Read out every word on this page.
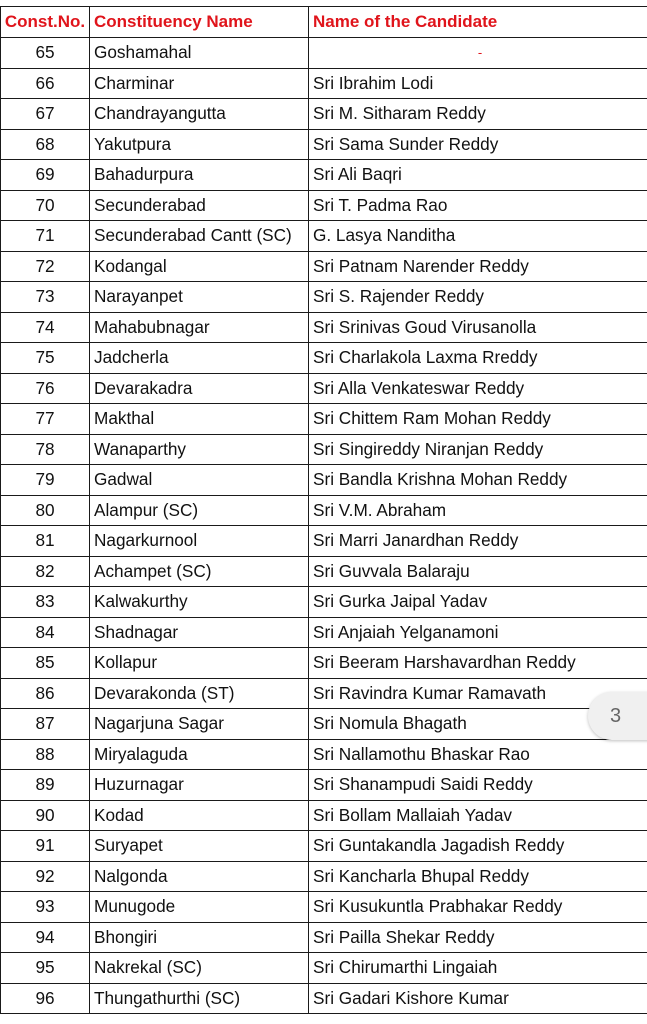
Const.No.	Constituency Name	Name of the Candidate
65	Goshamahal	-
66	Charminar	Sri Ibrahim Lodi
67	Chandrayangutta	Sri M. Sitharam Reddy
68	Yakutpura	Sri Sama Sunder Reddy
69	Bahadurpura	Sri Ali Baqri
70	Secunderabad	Sri T. Padma Rao
71	Secunderabad Cantt (SC)	G. Lasya Nanditha
72	Kodangal	Sri Patnam Narender Reddy
73	Narayanpet	Sri S. Rajender Reddy
74	Mahabubnagar	Sri Srinivas Goud Virusanolla
75	Jadcherla	Sri Charlakola Laxma Rreddy
76	Devarakadra	Sri Alla Venkateswar Reddy
77	Makthal	Sri Chittem Ram Mohan Reddy
78	Wanaparthy	Sri Singireddy Niranjan Reddy
79	Gadwal	Sri Bandla Krishna Mohan Reddy
80	Alampur (SC)	Sri V.M. Abraham
81	Nagarkurnool	Sri Marri Janardhan Reddy
82	Achampet (SC)	Sri Guvvala Balaraju
83	Kalwakurthy	Sri Gurka Jaipal Yadav
84	Shadnagar	Sri Anjaiah Yelganamoni
85	Kollapur	Sri Beeram Harshavardhan Reddy
86	Devarakonda (ST)	Sri Ravindra Kumar Ramavath
87	Nagarjuna Sagar	Sri Nomula Bhagath
88	Miryalaguda	Sri Nallamothu Bhaskar Rao
89	Huzurnagar	Sri Shanampudi Saidi Reddy
90	Kodad	Sri Bollam Mallaiah Yadav
91	Suryapet	Sri Guntakandla Jagadish Reddy
92	Nalgonda	Sri Kancharla Bhupal Reddy
93	Munugode	Sri Kusukuntla Prabhakar Reddy
94	Bhongiri	Sri Pailla Shekar Reddy
95	Nakrekal (SC)	Sri Chirumarthi Lingaiah
96	Thungathurthi (SC)	Sri Gadari Kishore Kumar
3
